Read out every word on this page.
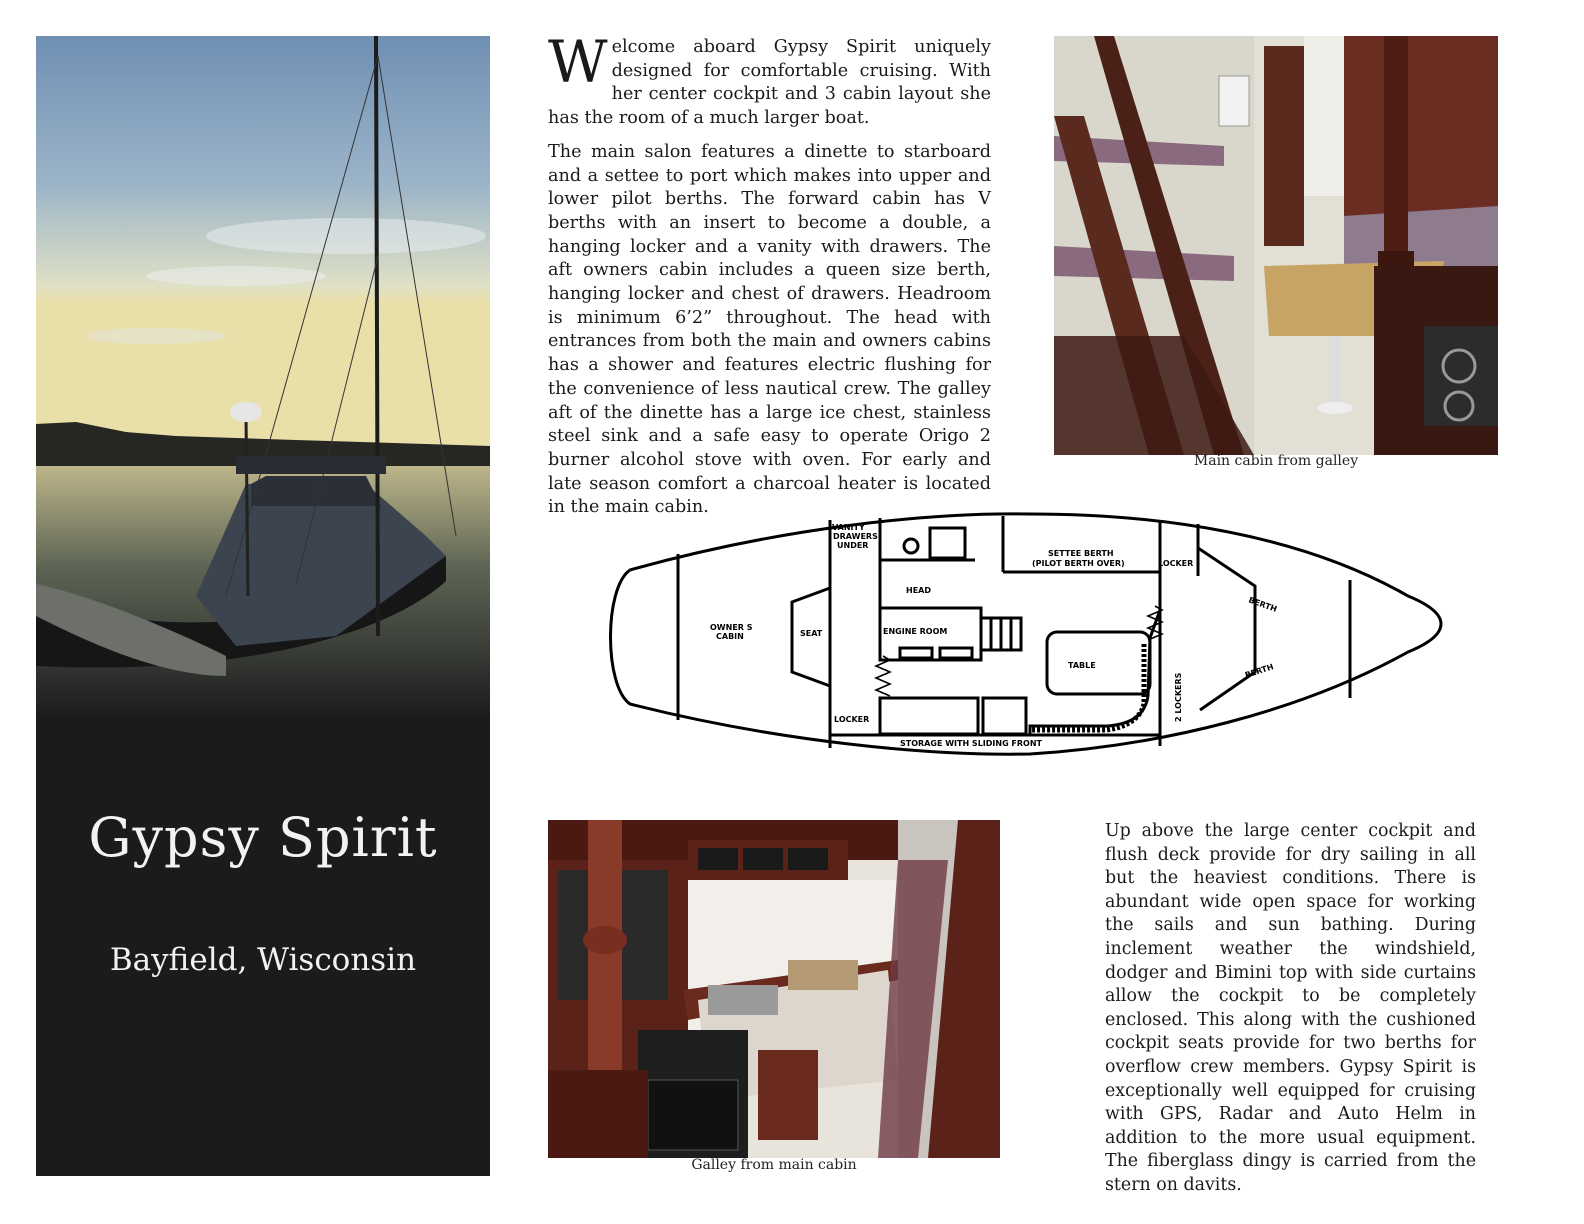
Gypsy Spirit
Bayfield, Wisconsin

Welcome aboard Gypsy Spirit uniquely designed for comfortable cruising. With her center cockpit and 3 cabin layout she has the room of a much larger boat.

The main salon features a dinette to starboard and a settee to port which makes into upper and lower pilot berths. The forward cabin has V berths with an insert to become a double, a hanging locker and a vanity with drawers. The aft owners cabin includes a queen size berth, hanging locker and chest of drawers. Headroom is minimum 6’2” throughout. The head with entrances from both the main and owners cabins has a shower and features electric flushing for the convenience of less nautical crew. The galley aft of the dinette has a large ice chest, stainless steel sink and a safe easy to operate Origo 2 burner alcohol stove with oven. For early and late season comfort a charcoal heater is located in the main cabin.

Main cabin from galley
VANITY
DRAWERS
UNDER
SETTEE BERTH
(PILOT BERTH OVER)	LOCKER
HEAD
OWNER S
CABIN	SEAT	ENGINE ROOM
TABLE
BERTH
BERTH
2 LOCKERS
LOCKER
STORAGE WITH SLIDING FRONT
Galley from main cabin

Up above the large center cockpit and flush deck provide for dry sailing in all but the heaviest conditions. There is abundant wide open space for working the sails and sun bathing. During inclement weather the windshield, dodger and Bimini top with side curtains allow the cockpit to be completely enclosed. This along with the cushioned cockpit seats provide for two berths for overflow crew members. Gypsy Spirit is exceptionally well equipped for cruising with GPS, Radar and Auto Helm in addition to the more usual equipment. The fiberglass dingy is carried from the stern on davits.
